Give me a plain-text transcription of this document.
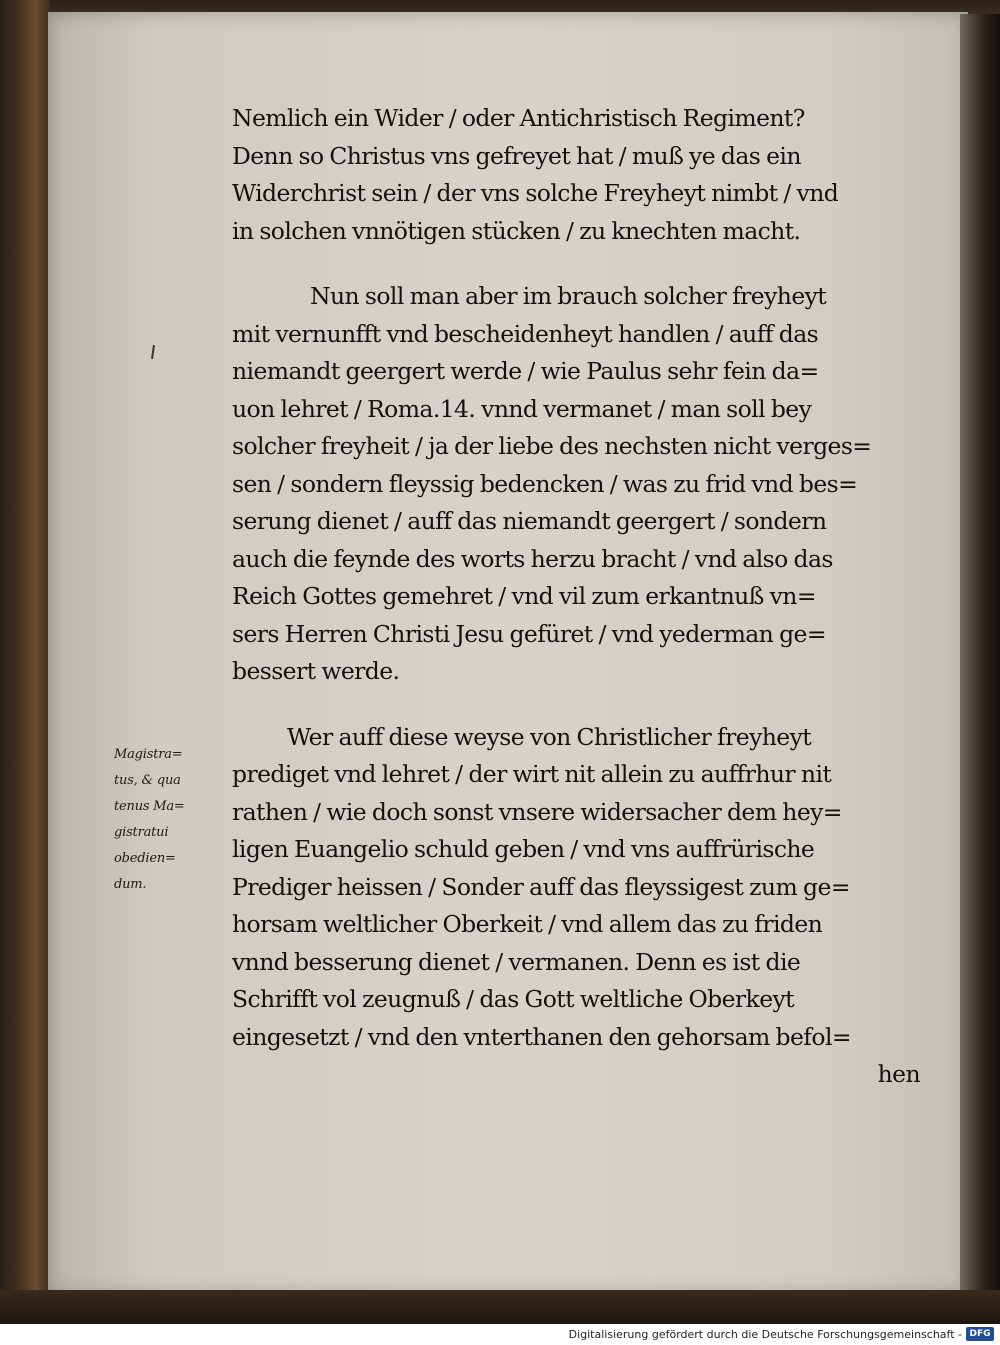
Nemlich ein Wider / oder Antichristisch Regiment?
Denn so Christus vns gefreyet hat / muß ye das ein
Widerchrist sein / der vns solche Freyheyt nimbt / vnd
in solchen vnnötigen stücken / zu knechten macht.
Nun soll man aber im brauch solcher freyheyt
mit vernunfft vnd bescheidenheyt handlen / auff das
niemandt geergert werde / wie Paulus sehr fein da=
uon lehret / Roma.14. vnnd vermanet / man soll bey
solcher freyheit / ja der liebe des nechsten nicht verges=
sen / sondern fleyssig bedencken / was zu frid vnd bes=
serung dienet / auff das niemandt geergert / sondern
auch die feynde des worts herzu bracht / vnd also das
Reich Gottes gemehret / vnd vil zum erkantnuß vn=
sers Herren Christi Jesu gefüret / vnd yederman ge=
bessert werde.
Wer auff diese weyse von Christlicher freyheyt
prediget vnd lehret / der wirt nit allein zu auffrhur nit
rathen / wie doch sonst vnsere widersacher dem hey=
ligen Euangelio schuld geben / vnd vns auffrürische
Prediger heissen / Sonder auff das fleyssigest zum ge=
horsam weltlicher Oberkeit / vnd allem das zu friden
vnnd besserung dienet / vermanen. Denn es ist die
Schrifft vol zeugnuß / das Gott weltliche Oberkeyt
eingesetzt / vnd den vnterthanen den gehorsam befol=
hen
Magistra=
tus, & qua
tenus Ma=
gistratui
obedien=
dum.
Digitalisierung gefördert durch die Deutsche Forschungsgemeinschaft - DFG
